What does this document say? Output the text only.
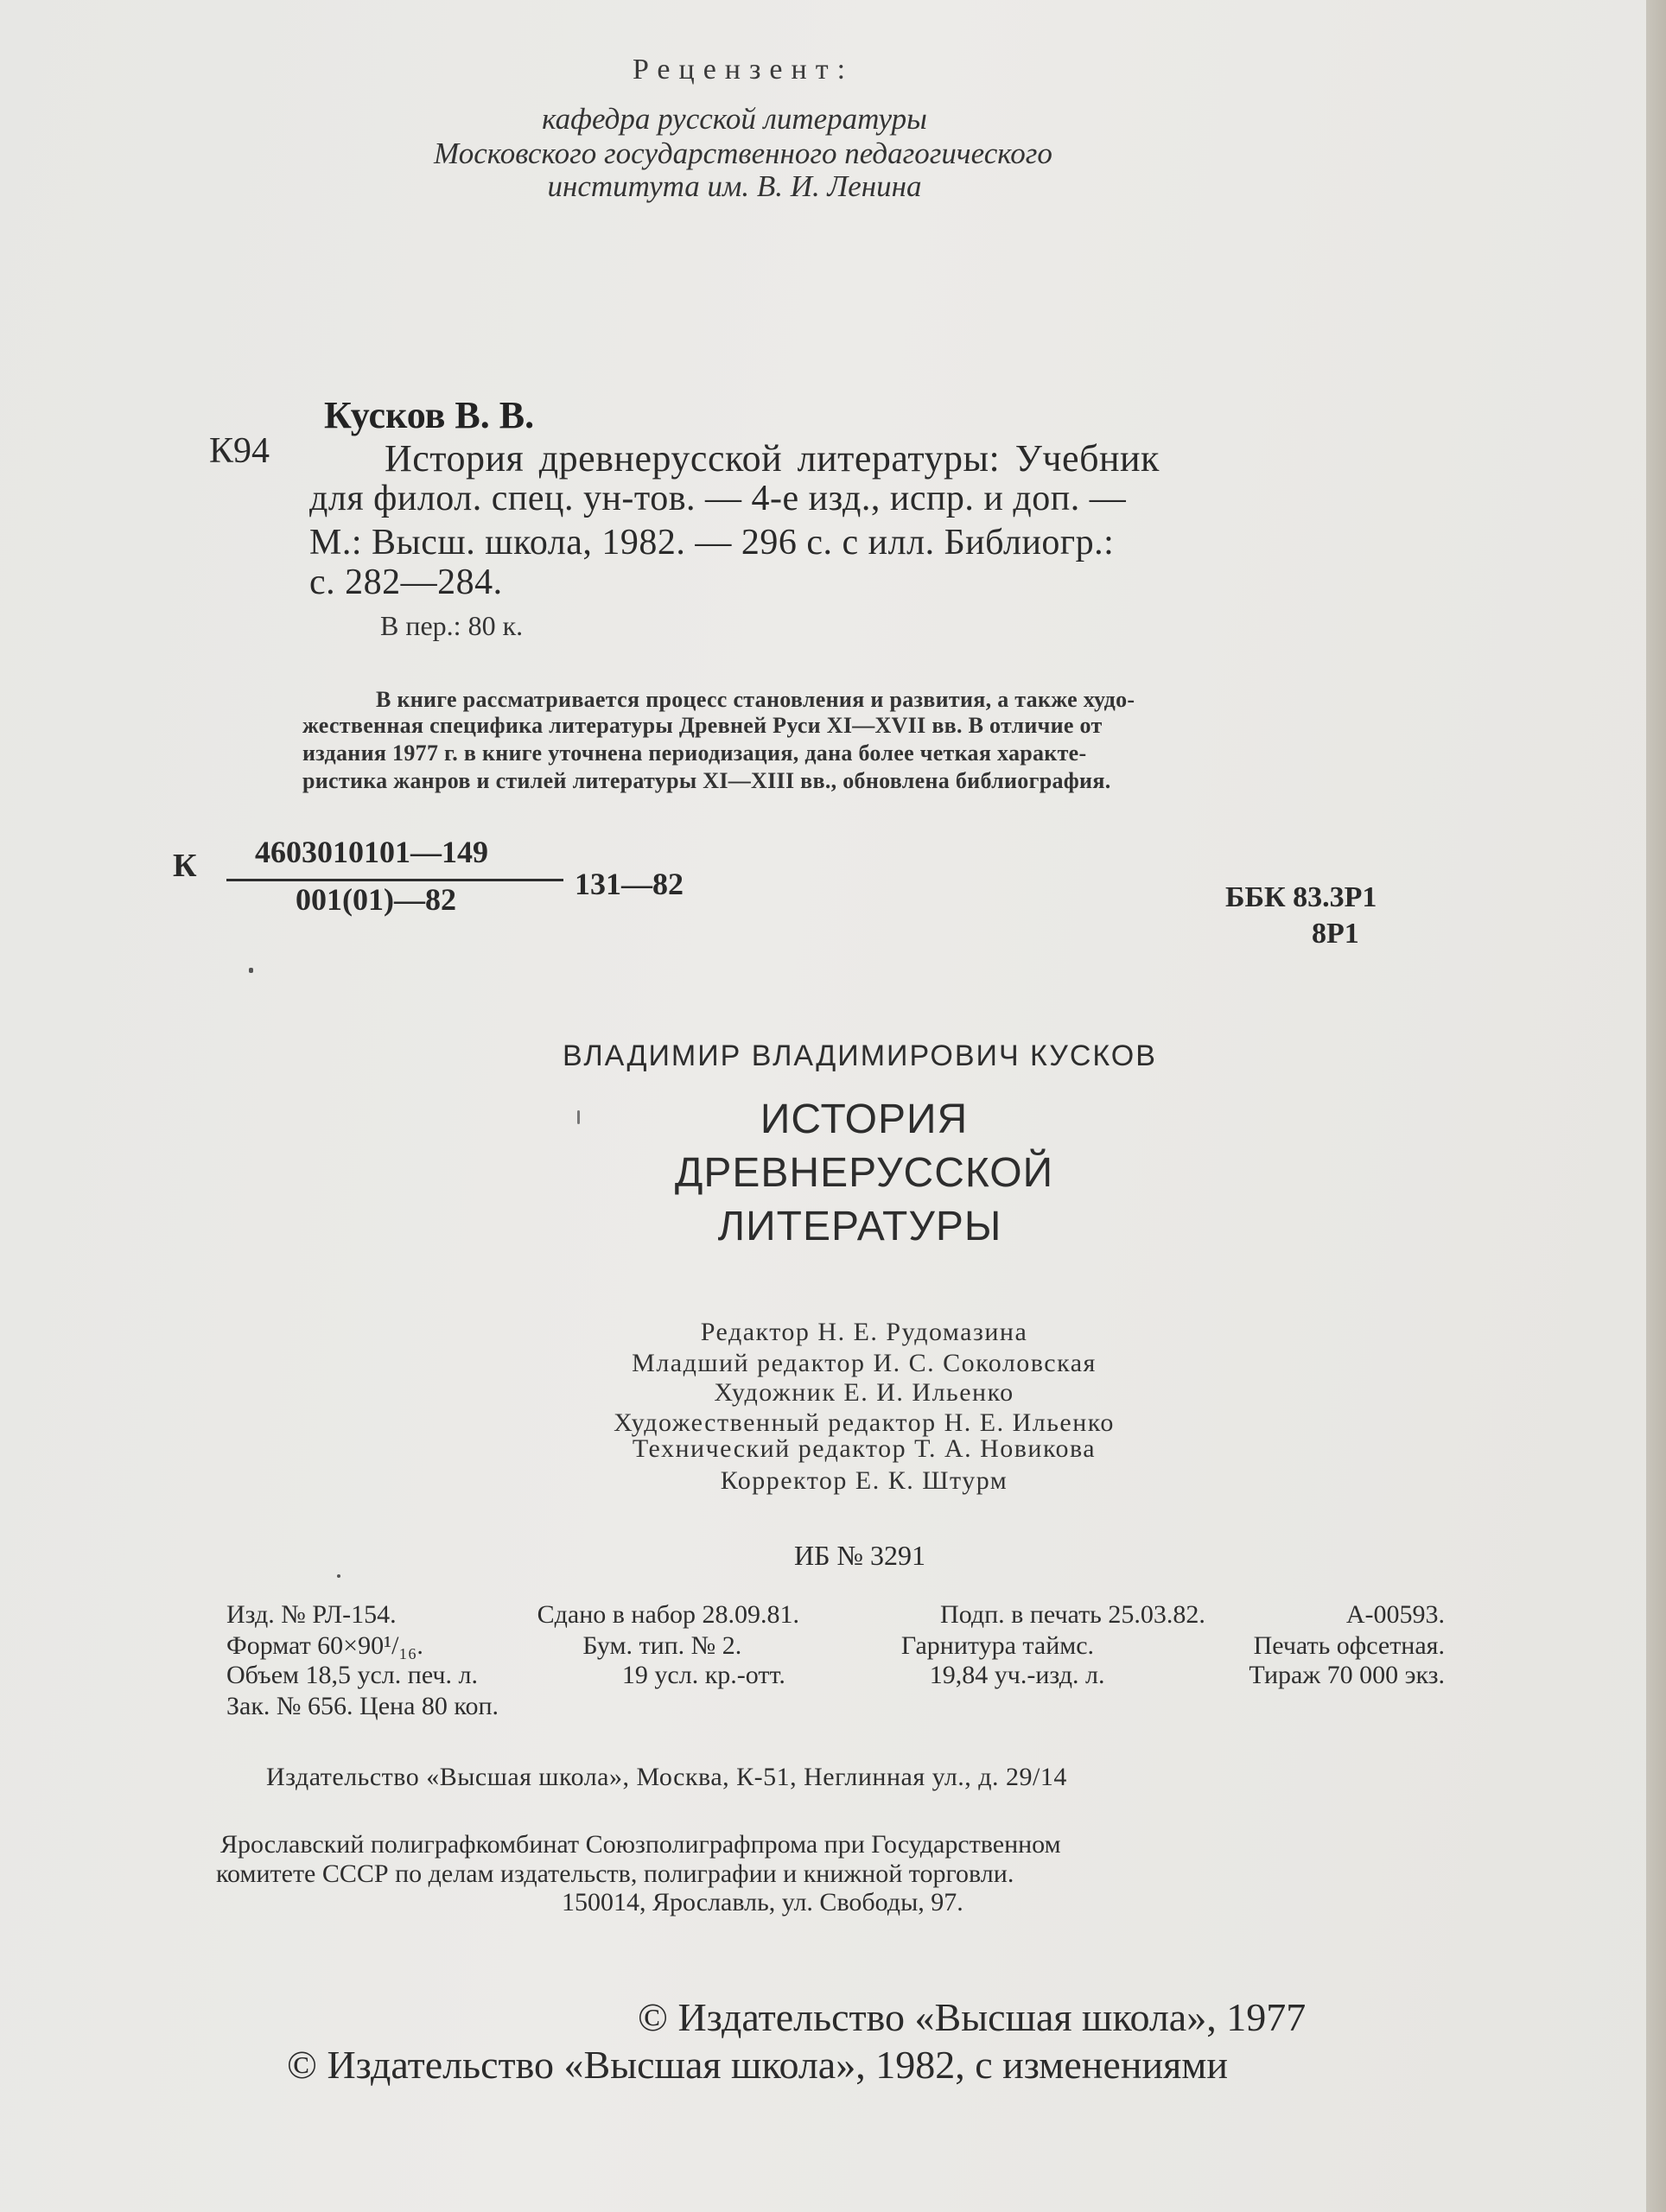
Рецензент:
кафедра русской литературы
Московского государственного педагогического
института им. В. И. Ленина
Кусков В. В.
К94	История древнерусской литературы: Учебник
для филол. спец. ун-тов. — 4-е изд., испр. и доп. —
М.: Высш. школа, 1982. — 296 с. с илл. Библиогр.:
с. 282—284.
В пер.: 80 к.
В книге рассматривается процесс становления и развития, а также худо-
жественная специфика литературы Древней Руси XI—XVII вв. В отличие от
издания 1977 г. в книге уточнена периодизация, дана более четкая характе-
ристика жанров и стилей литературы XI—XIII вв., обновлена библиография.
К 4603010101—149
001(01)—82	131—82	ББК 83.3Р1
8Р1
ВЛАДИМИР ВЛАДИМИРОВИЧ КУСКОВ
ИСТОРИЯ
ДРЕВНЕРУССКОЙ
ЛИТЕРАТУРЫ
Редактор Н. Е. Рудомазина
Младший редактор И. С. Соколовская
Художник Е. И. Ильенко
Художественный редактор Н. Е. Ильенко
Технический редактор Т. А. Новикова
Корректор Е. К. Штурм
ИБ № 3291
Изд. № РЛ-154.	Сдано в набор 28.09.81.	Подп. в печать 25.03.82.	А-00593.
Формат 60×90¹/₁₆.	Бум. тип. № 2.	Гарнитура таймс.	Печать офсетная.
Объем 18,5 усл. печ. л.	19 усл. кр.-отт.	19,84 уч.-изд. л.	Тираж 70 000 экз.
Зак. № 656. Цена 80 коп.
Издательство «Высшая школа», Москва, К-51, Неглинная ул., д. 29/14
Ярославский полиграфкомбинат Союзполиграфпрома при Государственном
комитете СССР по делам издательств, полиграфии и книжной торговли.
150014, Ярославль, ул. Свободы, 97.
© Издательство «Высшая школа», 1977
© Издательство «Высшая школа», 1982, с изменениями
